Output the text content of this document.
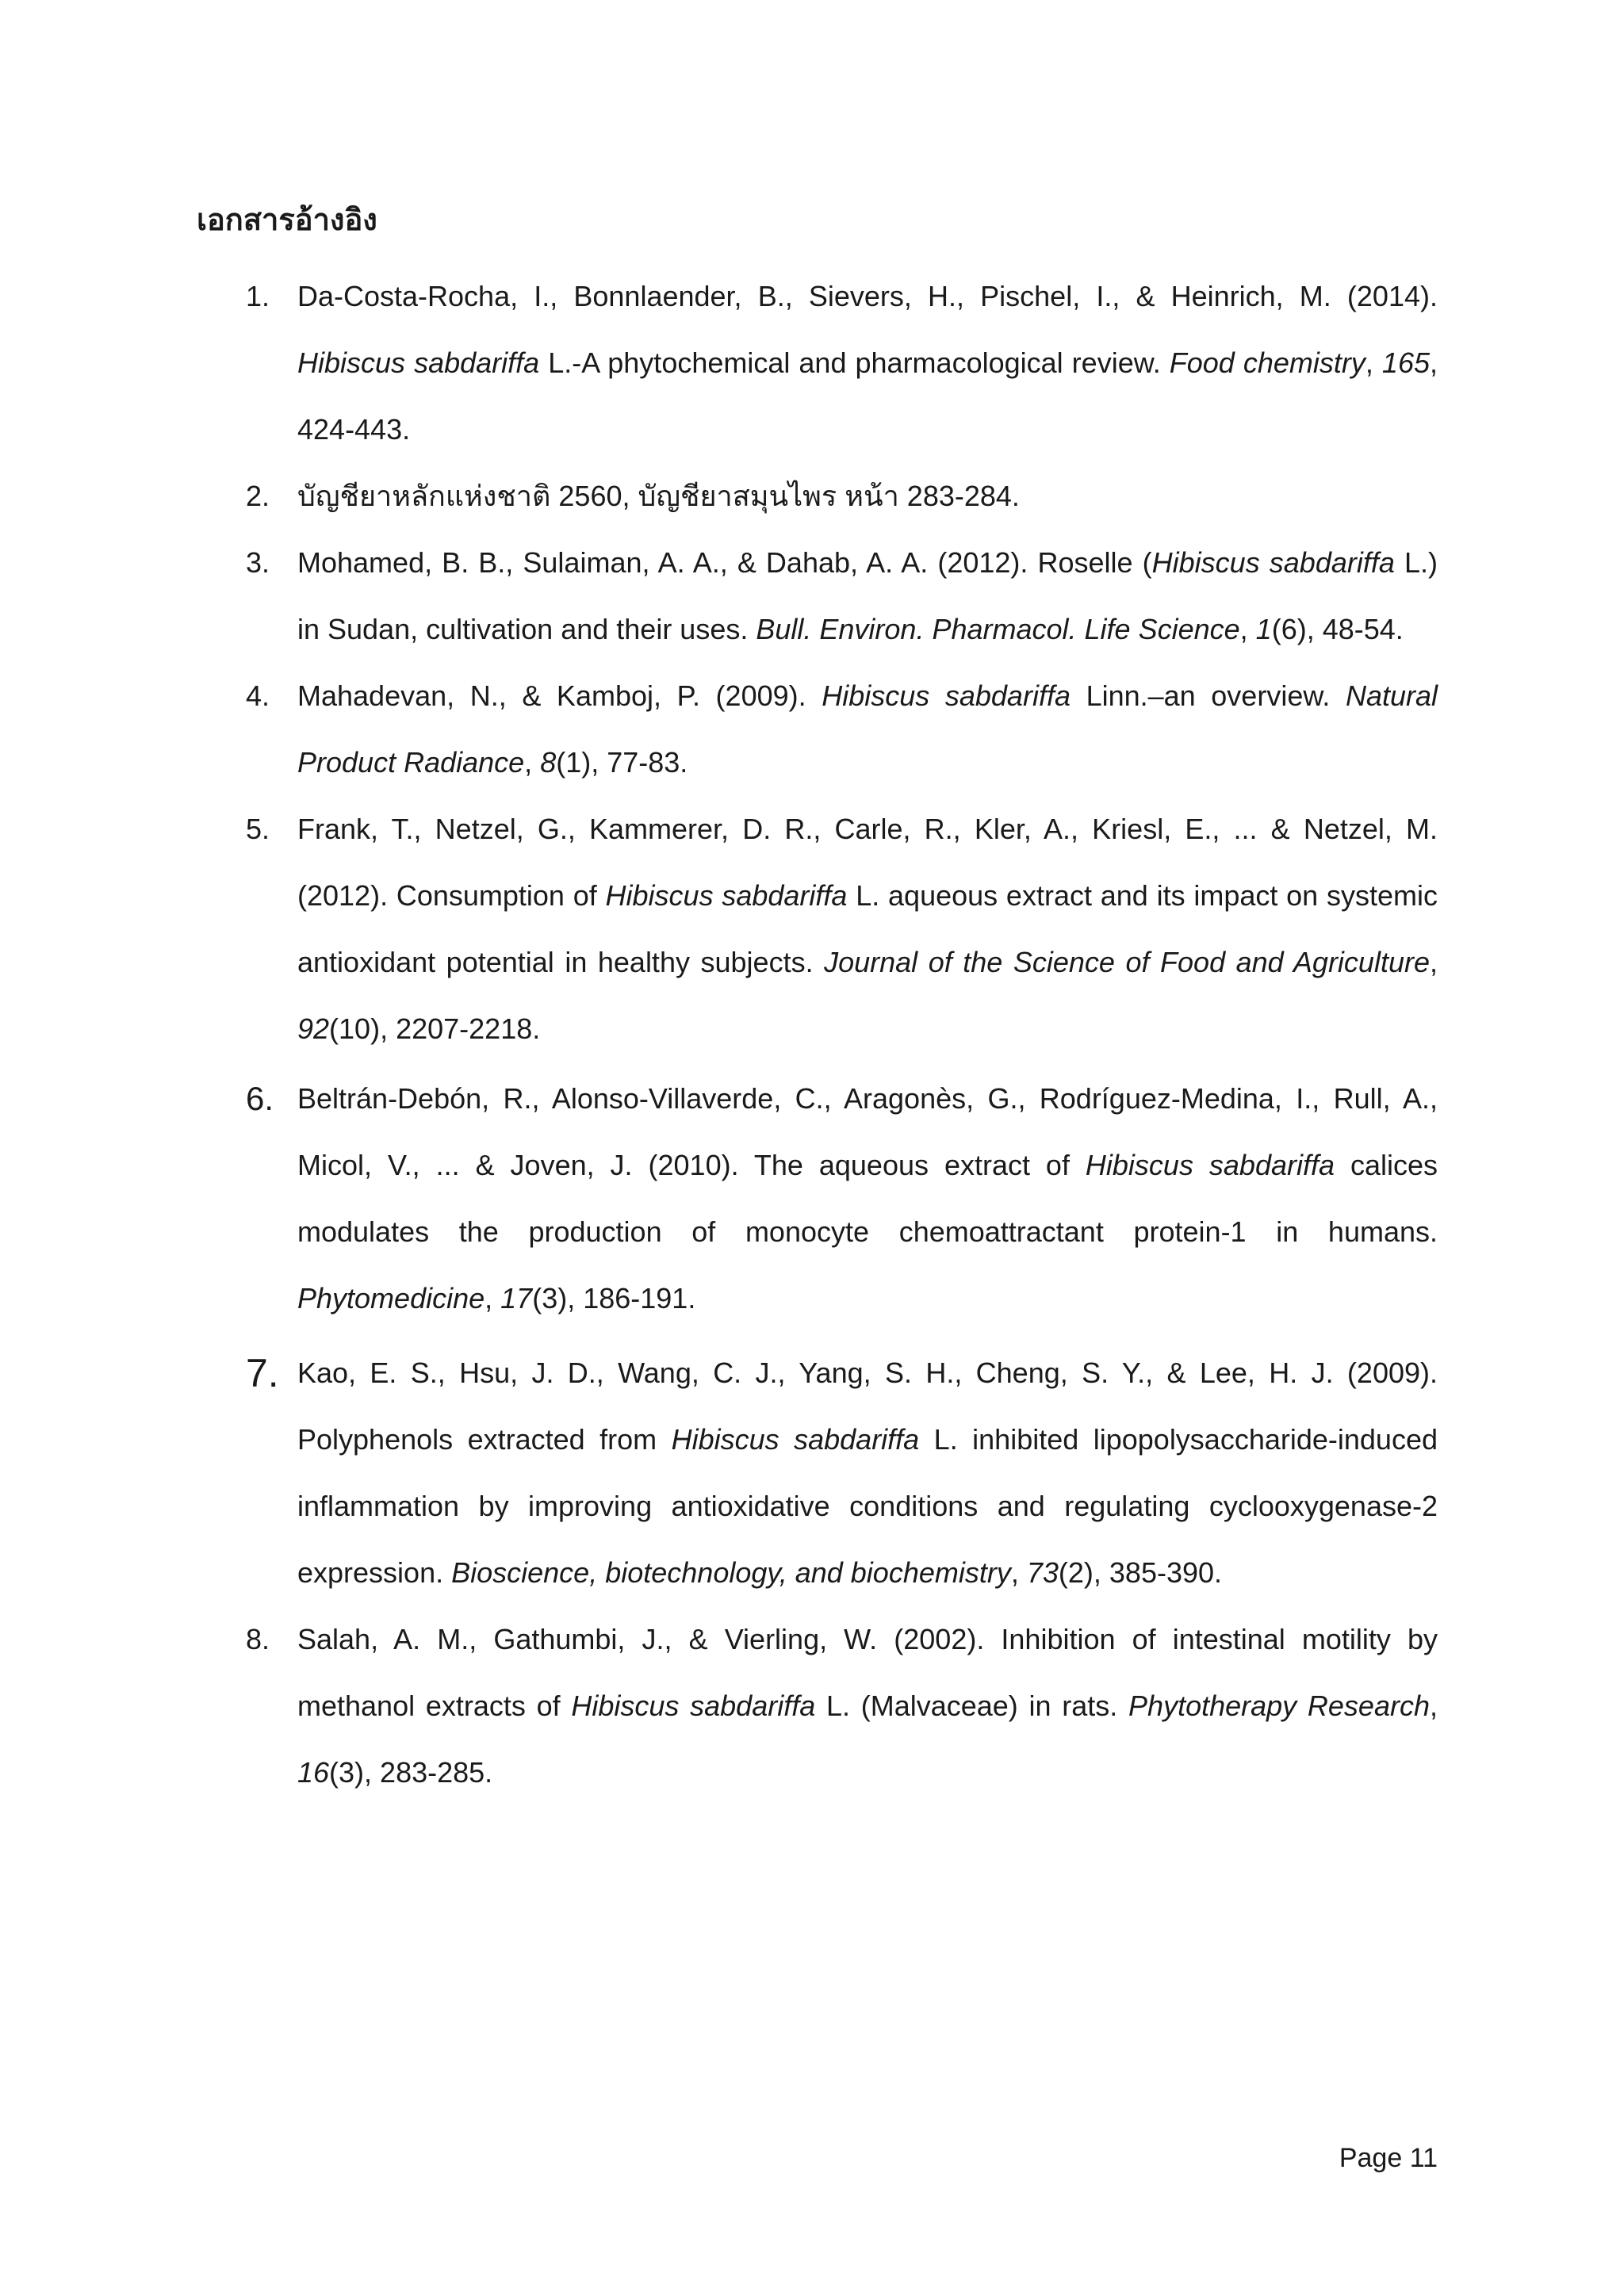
เอกสารอ้างอิง
1. Da-Costa-Rocha, I., Bonnlaender, B., Sievers, H., Pischel, I., & Heinrich, M. (2014). Hibiscus sabdariffa L.-A phytochemical and pharmacological review. Food chemistry, 165, 424-443.
2. บัญชียาหลักแห่งชาติ 2560, บัญชียาสมุนไพร หน้า 283-284.
3. Mohamed, B. B., Sulaiman, A. A., & Dahab, A. A. (2012). Roselle (Hibiscus sabdariffa L.) in Sudan, cultivation and their uses. Bull. Environ. Pharmacol. Life Science, 1(6), 48-54.
4. Mahadevan, N., & Kamboj, P. (2009). Hibiscus sabdariffa Linn.–an overview. Natural Product Radiance, 8(1), 77-83.
5. Frank, T., Netzel, G., Kammerer, D. R., Carle, R., Kler, A., Kriesl, E., ... & Netzel, M. (2012). Consumption of Hibiscus sabdariffa L. aqueous extract and its impact on systemic antioxidant potential in healthy subjects. Journal of the Science of Food and Agriculture, 92(10), 2207-2218.
6. Beltrán-Debón, R., Alonso-Villaverde, C., Aragonès, G., Rodríguez-Medina, I., Rull, A., Micol, V., ... & Joven, J. (2010). The aqueous extract of Hibiscus sabdariffa calices modulates the production of monocyte chemoattractant protein-1 in humans. Phytomedicine, 17(3), 186-191.
7. Kao, E. S., Hsu, J. D., Wang, C. J., Yang, S. H., Cheng, S. Y., & Lee, H. J. (2009). Polyphenols extracted from Hibiscus sabdariffa L. inhibited lipopolysaccharide-induced inflammation by improving antioxidative conditions and regulating cyclooxygenase-2 expression. Bioscience, biotechnology, and biochemistry, 73(2), 385-390.
8. Salah, A. M., Gathumbi, J., & Vierling, W. (2002). Inhibition of intestinal motility by methanol extracts of Hibiscus sabdariffa L. (Malvaceae) in rats. Phytotherapy Research, 16(3), 283-285.
Page 11
